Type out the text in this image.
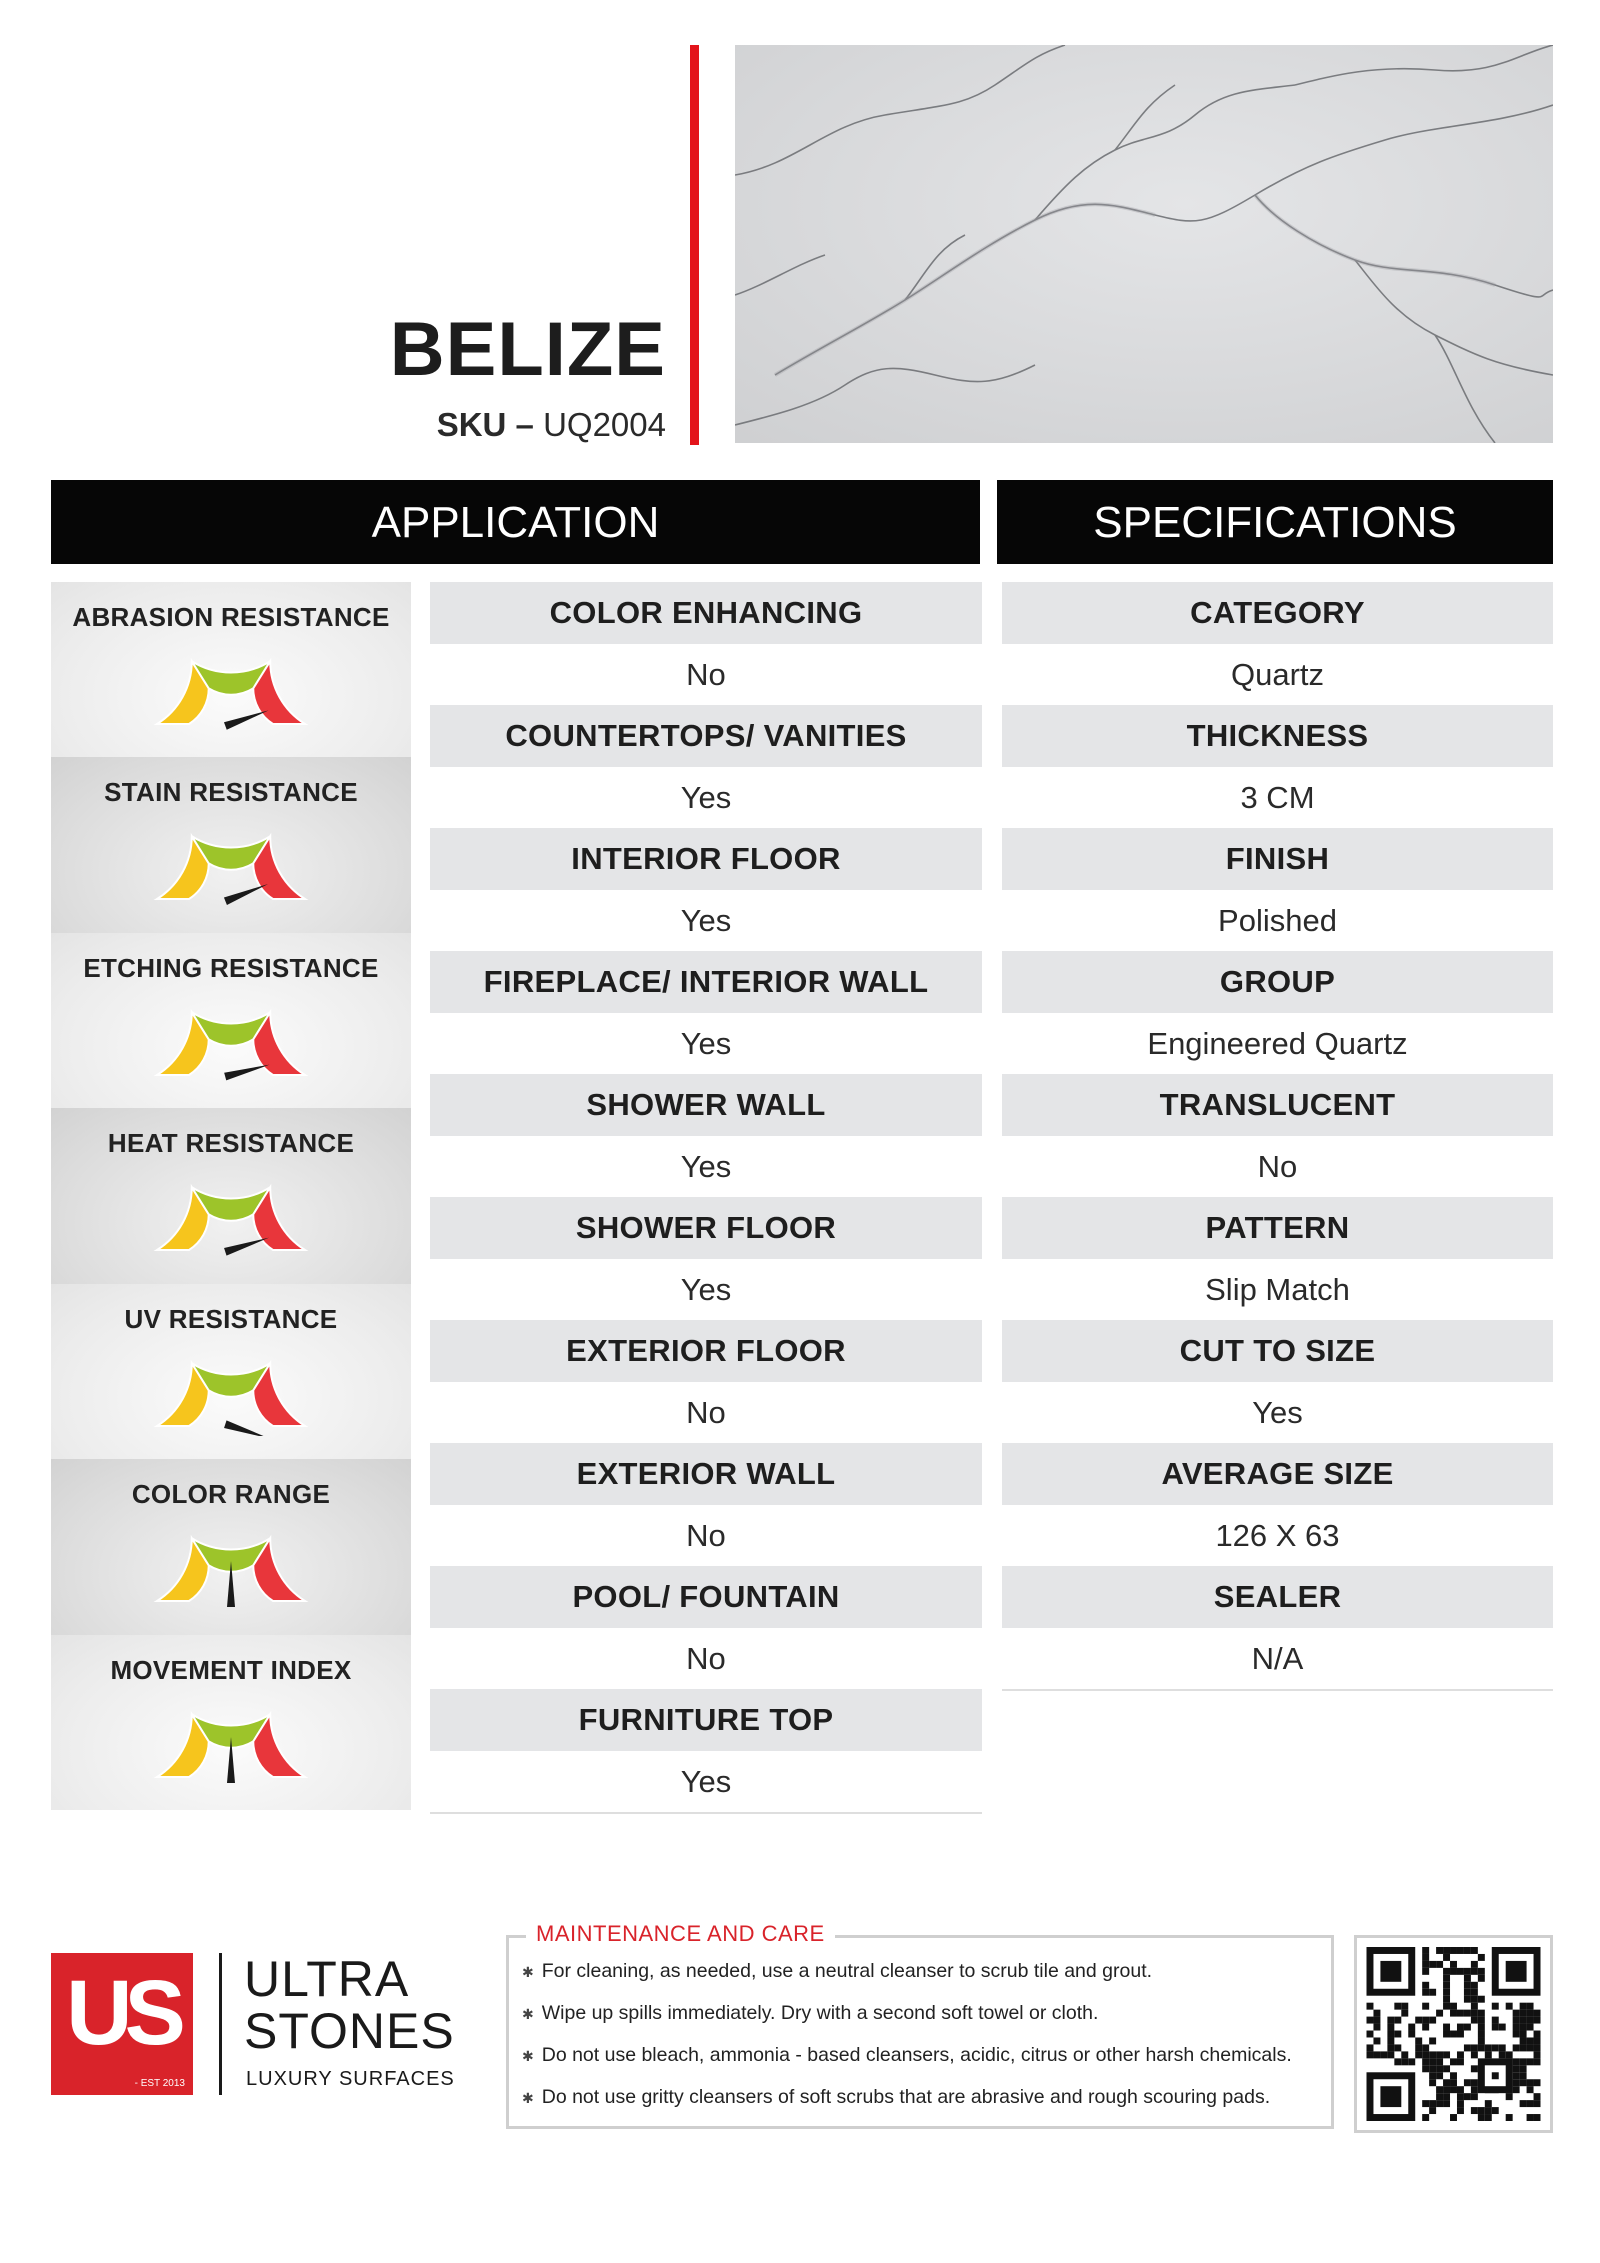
BELIZE
SKU – UQ2004
APPLICATION	SPECIFICATIONS
ABRASION RESISTANCE
STAIN RESISTANCE
ETCHING RESISTANCE
HEAT RESISTANCE
UV RESISTANCE
COLOR RANGE
MOVEMENT INDEX
COLOR ENHANCING
No
COUNTERTOPS/ VANITIES
Yes
INTERIOR FLOOR
Yes
FIREPLACE/ INTERIOR WALL
Yes
SHOWER WALL
Yes
SHOWER FLOOR
Yes
EXTERIOR FLOOR
No
EXTERIOR WALL
No
POOL/ FOUNTAIN
No
FURNITURE TOP
Yes
CATEGORY
Quartz
THICKNESS
3 CM
FINISH
Polished
GROUP
Engineered Quartz
TRANSLUCENT
No
PATTERN
Slip Match
CUT TO SIZE
Yes
AVERAGE SIZE
126 X 63
SEALER
N/A
US
- EST 2013
ULTRA
STONES
LUXURY SURFACES
MAINTENANCE AND CARE
✱ For cleaning, as needed, use a neutral cleanser to scrub tile and grout.
✱ Wipe up spills immediately. Dry with a second soft towel or cloth.
✱ Do not use bleach, ammonia - based cleansers, acidic, citrus or other harsh chemicals.
✱ Do not use gritty cleansers of soft scrubs that are abrasive and rough scouring pads.
